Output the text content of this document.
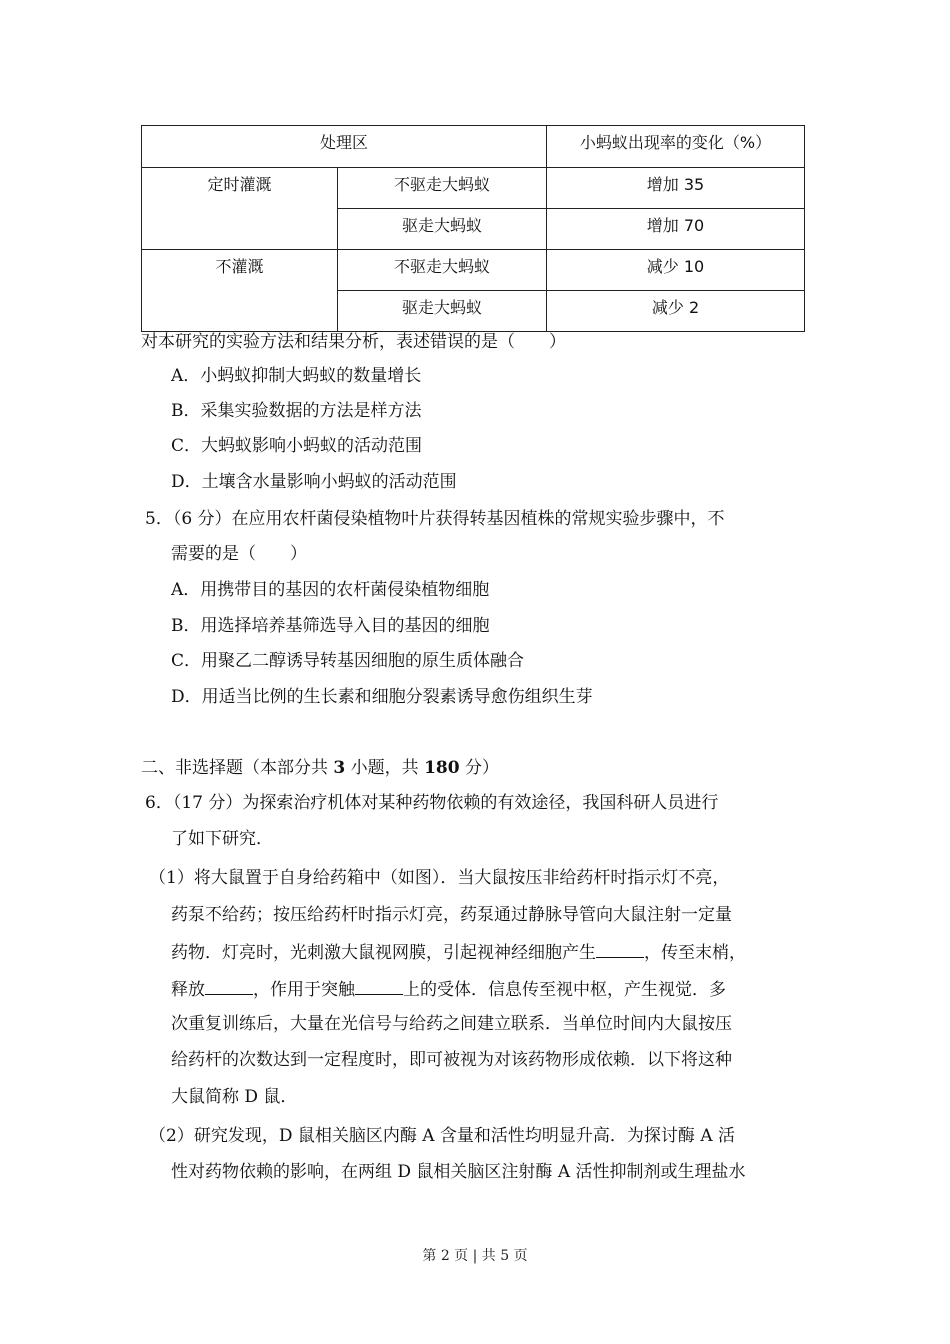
处理区		小蚂蚁出现率的变化（%）
定时灌溉	不驱走大蚂蚁	增加 35
	驱走大蚂蚁	增加 70
不灌溉	不驱走大蚂蚁	减少 10
	驱走大蚂蚁	减少 2
对本研究的实验方法和结果分析，表述错误的是（　　）
A．小蚂蚁抑制大蚂蚁的数量增长
B．采集实验数据的方法是样方法
C．大蚂蚁影响小蚂蚁的活动范围
D．土壤含水量影响小蚂蚁的活动范围
5．（6 分）在应用农杆菌侵染植物叶片获得转基因植株的常规实验步骤中，不
需要的是（　　）
A．用携带目的基因的农杆菌侵染植物细胞
B．用选择培养基筛选导入目的基因的细胞
C．用聚乙二醇诱导转基因细胞的原生质体融合
D．用适当比例的生长素和细胞分裂素诱导愈伤组织生芽
二、非选择题（本部分共 3 小题，共 180 分）
6．（17 分）为探索治疗机体对某种药物依赖的有效途径，我国科研人员进行
了如下研究．
（1）将大鼠置于自身给药箱中（如图）．当大鼠按压非给药杆时指示灯不亮，
药泵不给药；按压给药杆时指示灯亮，药泵通过静脉导管向大鼠注射一定量
药物．灯亮时，光刺激大鼠视网膜，引起视神经细胞产生	，传至末梢，
释放	，作用于突触	上的受体．信息传至视中枢，产生视觉．多
次重复训练后，大量在光信号与给药之间建立联系．当单位时间内大鼠按压
给药杆的次数达到一定程度时，即可被视为对该药物形成依赖．以下将这种
大鼠简称 D 鼠．
（2）研究发现，D 鼠相关脑区内酶 A 含量和活性均明显升高．为探讨酶 A 活
性对药物依赖的影响，在两组 D 鼠相关脑区注射酶 A 活性抑制剂或生理盐水
第 2 页 | 共 5 页
